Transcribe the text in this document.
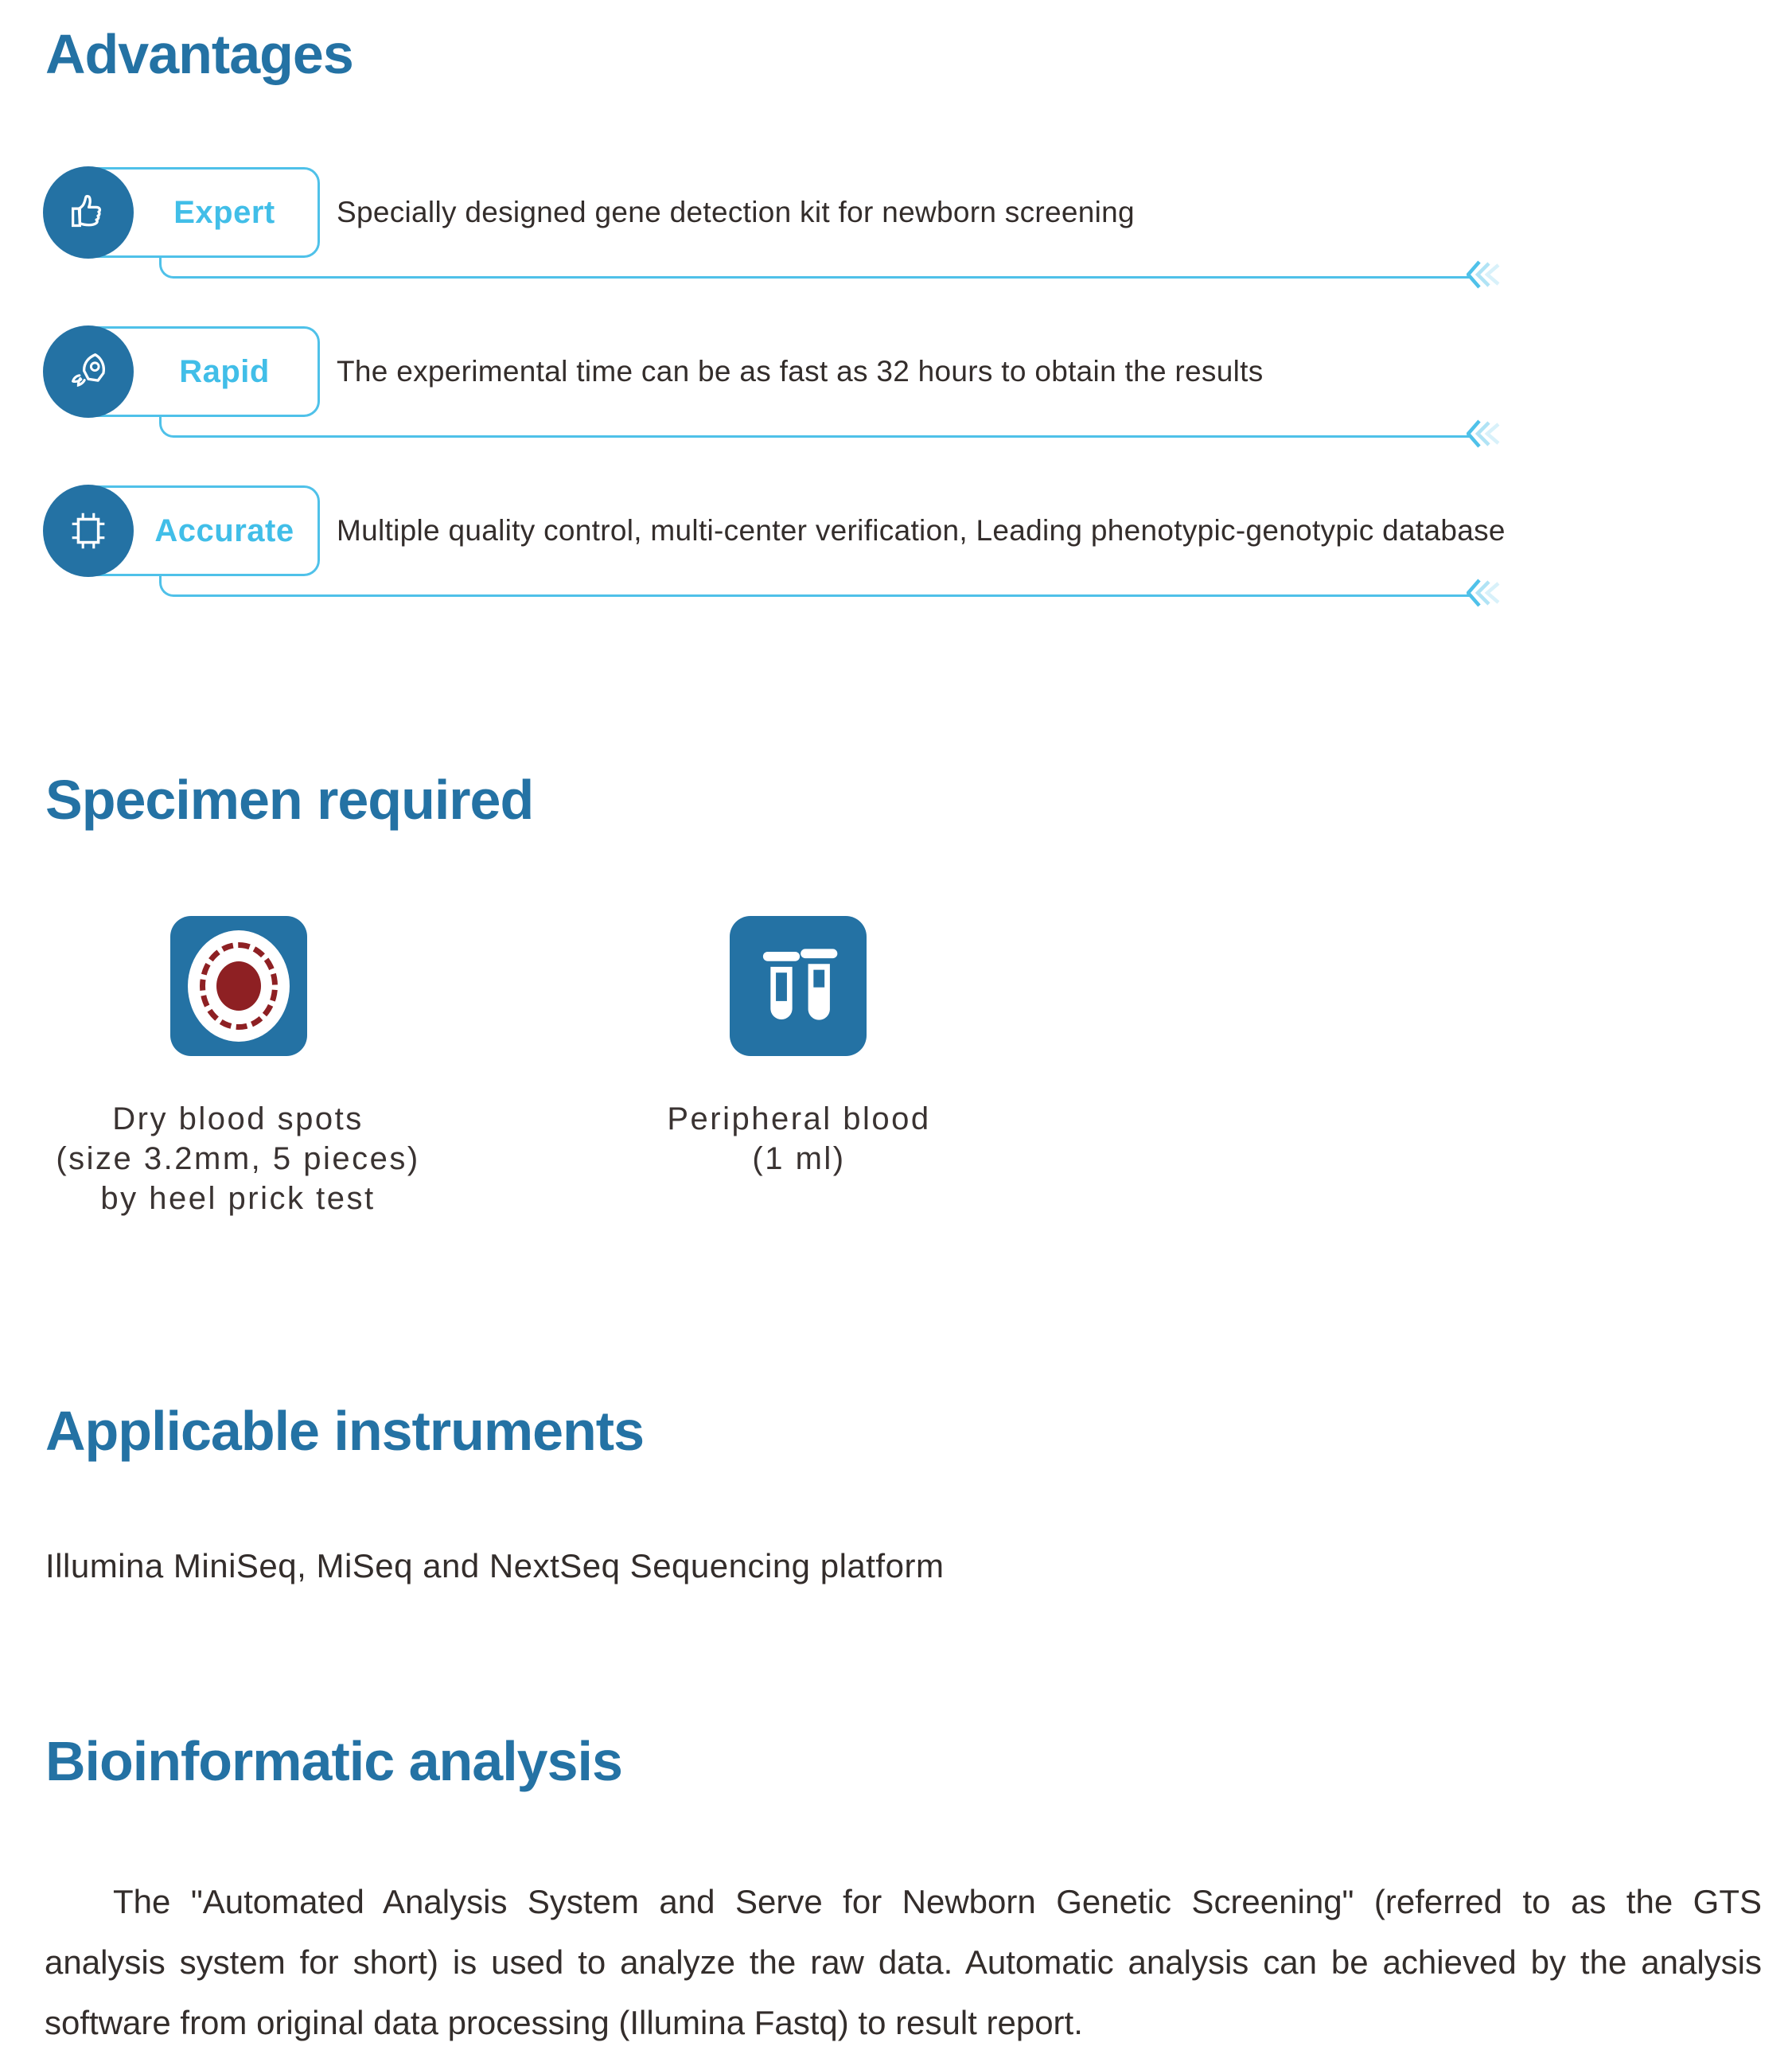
Advantages
Expert	Specially designed gene detection kit for newborn screening
Rapid	The experimental time can be as fast as 32 hours to obtain the results
Accurate	Multiple quality control, multi-center verification, Leading phenotypic-genotypic database
Specimen required
Dry blood spots
(size 3.2mm, 5 pieces)
by heel prick test
Peripheral blood
(1 ml)
Applicable instruments
Illumina MiniSeq, MiSeq and NextSeq Sequencing platform
Bioinformatic analysis
The "Automated Analysis System and Serve for Newborn Genetic Screening" (referred to as the GTS
analysis system for short) is used to analyze the raw data. Automatic analysis can be achieved by the analysis
software from original data processing (Illumina Fastq) to result report.
